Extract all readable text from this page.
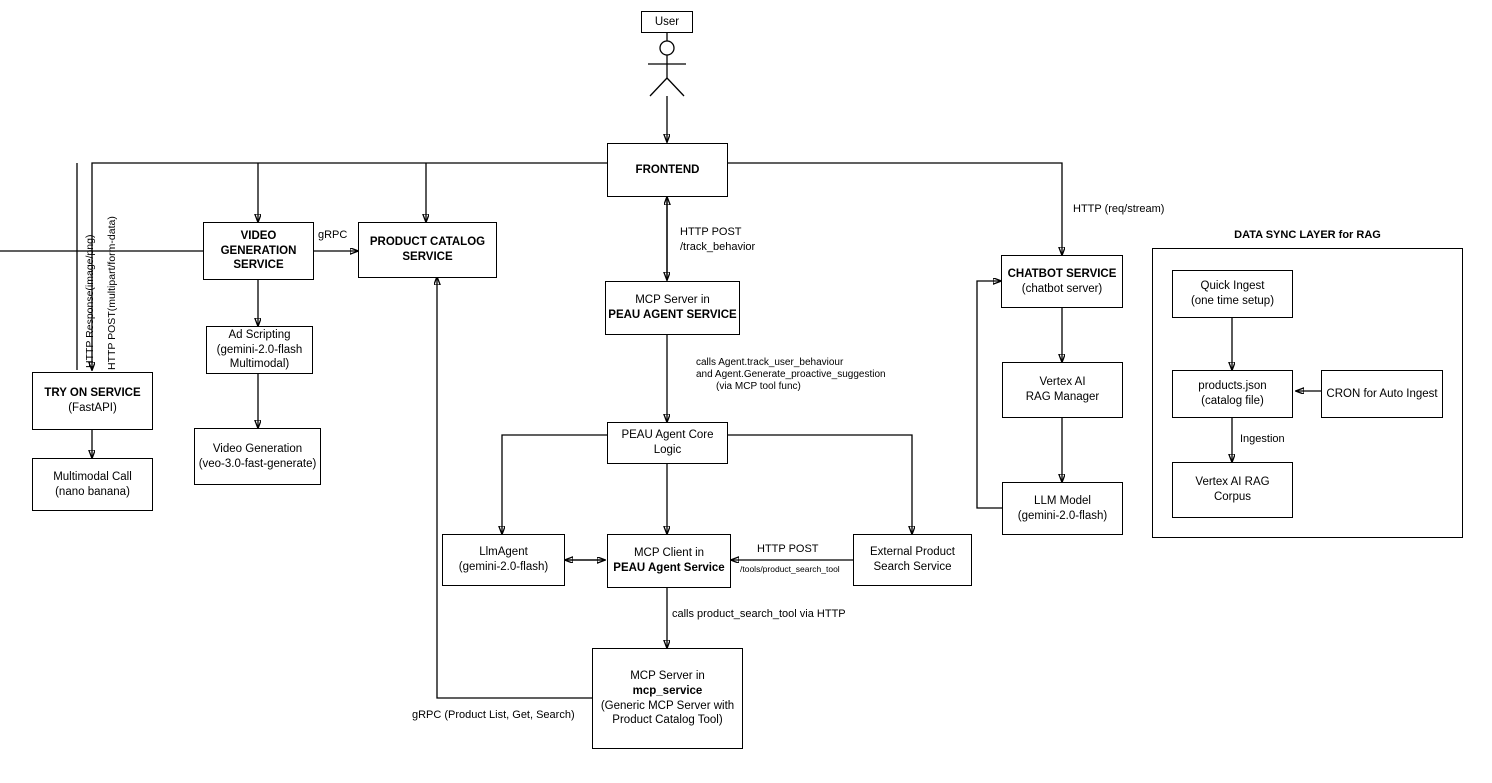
User
FRONTEND
VIDEO
GENERATION
SERVICE
PRODUCT CATALOG
SERVICE
Ad Scripting
(gemini-2.0-flash
Multimodal)
Video Generation
(veo-3.0-fast-generate)
TRY ON SERVICE
(FastAPI)
Multimodal Call
(nano banana)
MCP Server in
PEAU AGENT SERVICE
PEAU Agent Core
Logic
LlmAgent
(gemini-2.0-flash)
MCP Client in
PEAU Agent Service
External Product
Search Service
MCP Server in
mcp_service
(Generic MCP Server with
Product Catalog Tool)
CHATBOT SERVICE
(chatbot server)
Vertex AI
RAG Manager
LLM Model
(gemini-2.0-flash)
DATA SYNC LAYER for RAG
Quick Ingest
(one time setup)
products.json
(catalog file)
CRON for Auto Ingest
Vertex AI RAG
Corpus
HTTP POST(multipart/form-data)
HTTP Response(image/png)	gRPC	HTTP POST
/track_behavior
HTTP (req/stream)
calls Agent.track_user_behaviour
and Agent.Generate_proactive_suggestion
(via MCP tool func)
HTTP POST
/tools/product_search_tool
calls product_search_tool via HTTP
gRPC (Product List, Get, Search)
Ingestion
